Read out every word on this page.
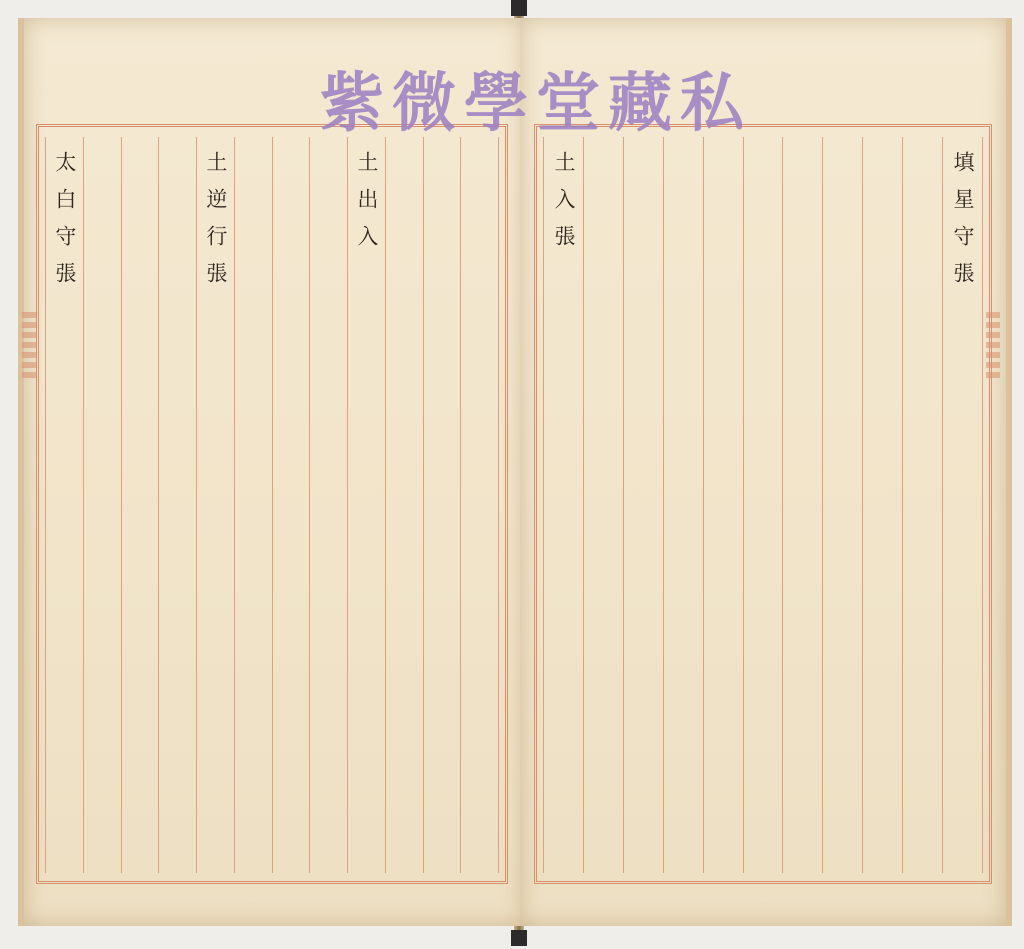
填星守張
土入張
土出入
土逆行張
太白守張
紫微學堂藏私
